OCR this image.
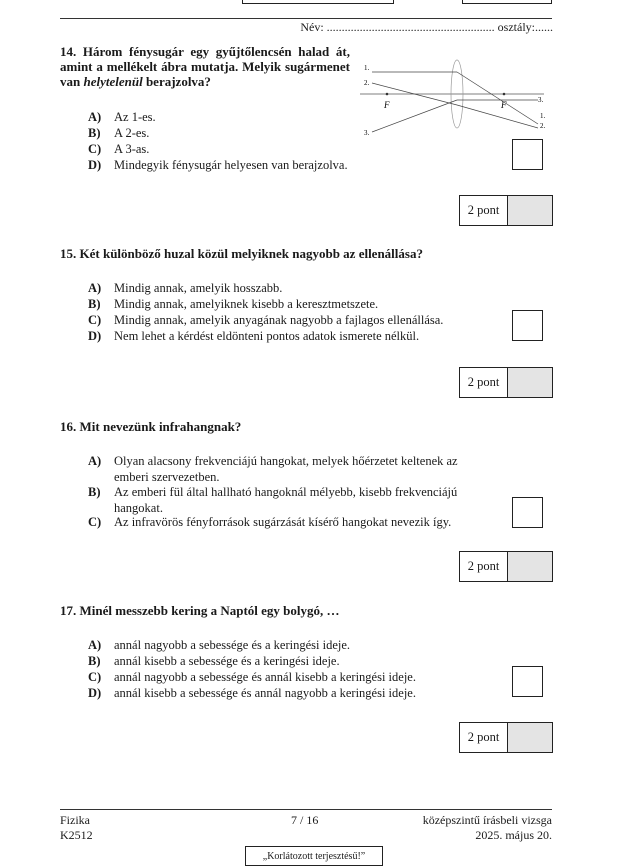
Név: ........................................................ osztály:......
14. Három fénysugár egy gyűjtőlencsén halad át, amint a mellékelt ábra mutatja. Melyik sugármenet van helytelenül berajzolva?
F	F
1.
2.
3.
3.
1.
2.
A) Az 1-es.
B) A 2-es.
C) A 3-as.
D) Mindegyik fénysugár helyesen van berajzolva.
2 pont
15. Két különböző huzal közül melyiknek nagyobb az ellenállása?
A) Mindig annak, amelyik hosszabb.
B) Mindig annak, amelyiknek kisebb a keresztmetszete.
C) Mindig annak, amelyik anyagának nagyobb a fajlagos ellenállása.
D) Nem lehet a kérdést eldönteni pontos adatok ismerete nélkül.
2 pont
16. Mit nevezünk infrahangnak?
A) Olyan alacsony frekvenciájú hangokat, melyek hőérzetet keltenek az emberi szervezetben.
B) Az emberi fül által hallható hangoknál mélyebb, kisebb frekvenciájú hangokat.
C) Az infravörös fényforrások sugárzását kísérő hangokat nevezik így.
2 pont
17. Minél messzebb kering a Naptól egy bolygó, …
A) annál nagyobb a sebessége és a keringési ideje.
B) annál kisebb a sebessége és a keringési ideje.
C) annál nagyobb a sebessége és annál kisebb a keringési ideje.
D) annál kisebb a sebessége és annál nagyobb a keringési ideje.
2 pont
Fizika
K2512
7 / 16	középszintű írásbeli vizsga
2025. május 20.
„Korlátozott terjesztésű!”
